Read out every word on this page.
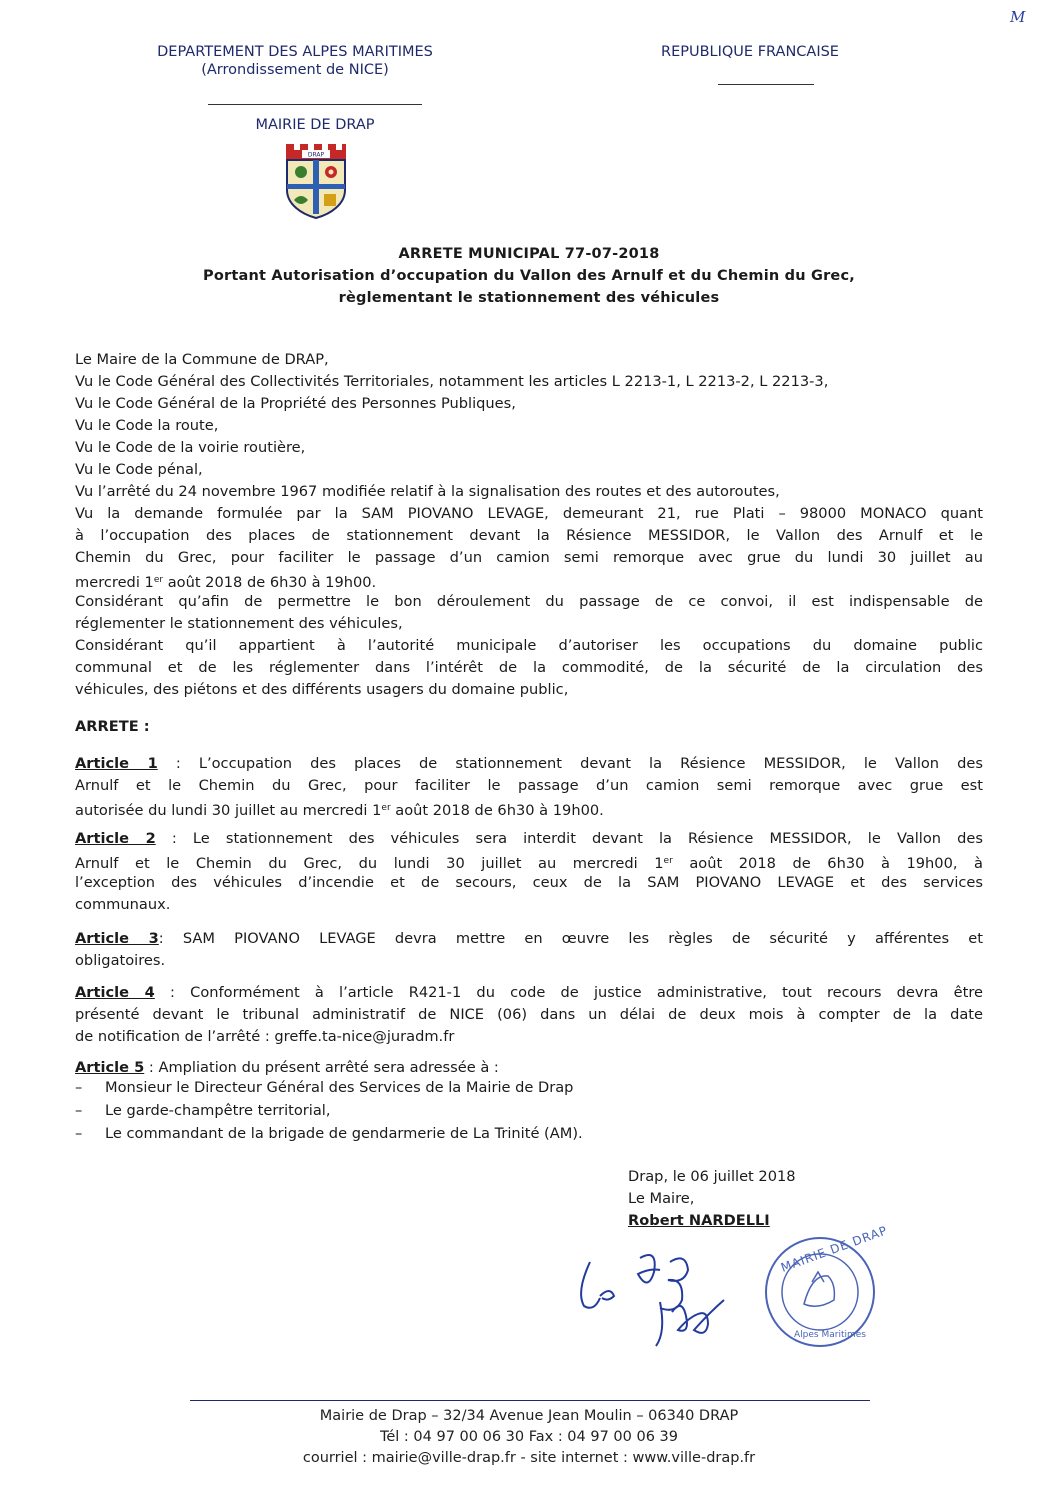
M
DEPARTEMENT DES ALPES MARITIMES
(Arrondissement de NICE)
MAIRIE DE DRAP
DRAP
REPUBLIQUE FRANCAISE
ARRETE MUNICIPAL 77-07-2018
Portant Autorisation d’occupation du Vallon des Arnulf et du Chemin du Grec,
règlementant le stationnement des véhicules
Le Maire de la Commune de DRAP,
Vu le Code Général des Collectivités Territoriales, notamment les articles L 2213-1, L 2213-2, L 2213-3,
Vu le Code Général de la Propriété des Personnes Publiques,
Vu le Code la route,
Vu le Code de la voirie routière,
Vu le Code pénal,
Vu l’arrêté du 24 novembre 1967 modifiée relatif à la signalisation des routes et des autoroutes,
Vu la demande formulée par la SAM PIOVANO LEVAGE, demeurant 21, rue Plati – 98000 MONACO quant
à l’occupation des places de stationnement devant la Résience MESSIDOR, le Vallon des Arnulf et le
Chemin du Grec, pour faciliter le passage d’un camion semi remorque avec grue du lundi 30 juillet au
mercredi 1er août 2018 de 6h30 à 19h00.
Considérant qu’afin de permettre le bon déroulement du passage de ce convoi, il est indispensable de
réglementer le stationnement des véhicules,
Considérant qu’il appartient à l’autorité municipale d’autoriser les occupations du domaine public
communal et de les réglementer dans l’intérêt de la commodité, de la sécurité de la circulation des
véhicules, des piétons et des différents usagers du domaine public,
ARRETE :
Article 1 : L’occupation des places de stationnement devant la Résience MESSIDOR, le Vallon des
Arnulf et le Chemin du Grec, pour faciliter le passage d’un camion semi remorque avec grue est
autorisée du lundi 30 juillet au mercredi 1er août 2018 de 6h30 à 19h00.
Article 2 : Le stationnement des véhicules sera interdit devant la Résience MESSIDOR, le Vallon des
Arnulf et le Chemin du Grec, du lundi 30 juillet au mercredi 1er août 2018 de 6h30 à 19h00, à
l’exception des véhicules d’incendie et de secours, ceux de la SAM PIOVANO LEVAGE et des services
communaux.
Article 3: SAM PIOVANO LEVAGE devra mettre en œuvre les règles de sécurité y afférentes et
obligatoires.
Article 4 : Conformément à l’article R421-1 du code de justice administrative, tout recours devra être
présenté devant le tribunal administratif de NICE (06) dans un délai de deux mois à compter de la date
de notification de l’arrêté : greffe.ta-nice@juradm.fr
Article 5 : Ampliation du présent arrêté sera adressée à :
– Monsieur le Directeur Général des Services de la Mairie de Drap
– Le garde-champêtre territorial,
– Le commandant de la brigade de gendarmerie de La Trinité (AM).
Drap, le 06 juillet 2018
Le Maire,
Robert NARDELLI
MAIRIE DE DRAP
Alpes Maritimes
Mairie de Drap – 32/34 Avenue Jean Moulin – 06340 DRAP
Tél : 04 97 00 06 30 Fax : 04 97 00 06 39
courriel : mairie@ville-drap.fr - site internet : www.ville-drap.fr
